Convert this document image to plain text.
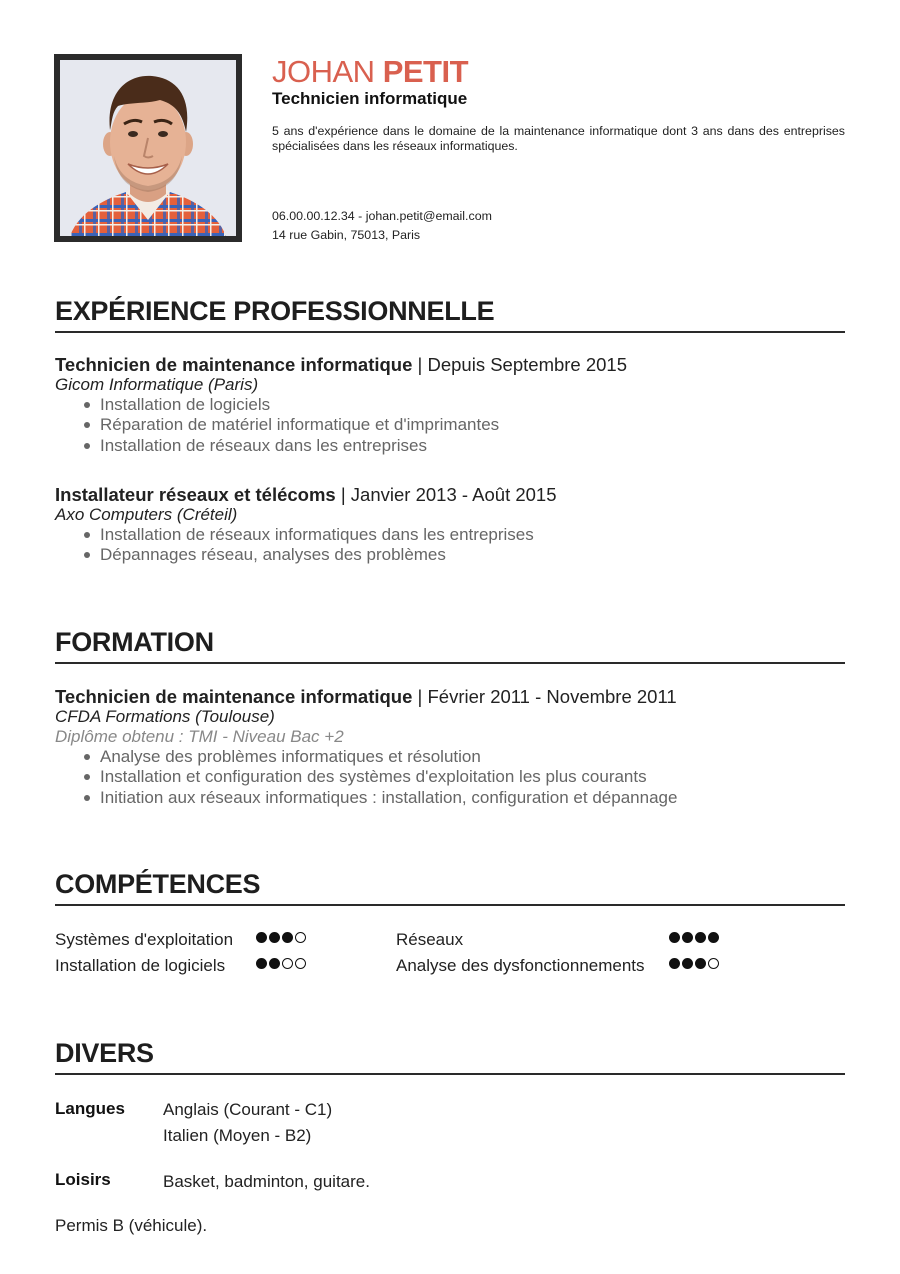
JOHAN PETIT
Technicien informatique

5 ans d'expérience dans le domaine de la maintenance informatique dont 3 ans dans des entreprises spécialisées dans les réseaux informatiques.

06.00.00.12.34 - johan.petit@email.com
14 rue Gabin, 75013, Paris
EXPÉRIENCE PROFESSIONNELLE
Technicien de maintenance informatique | Depuis Septembre 2015
Gicom Informatique (Paris)
Installation de logiciels
Réparation de matériel informatique et d'imprimantes
Installation de réseaux dans les entreprises
Installateur réseaux et télécoms | Janvier 2013 - Août 2015
Axo Computers (Créteil)
Installation de réseaux informatiques dans les entreprises
Dépannages réseau, analyses des problèmes
FORMATION
Technicien de maintenance informatique | Février 2011 - Novembre 2011
CFDA Formations (Toulouse)
Diplôme obtenu : TMI - Niveau Bac +2
Analyse des problèmes informatiques et résolution
Installation et configuration des systèmes d'exploitation les plus courants
Initiation aux réseaux informatiques : installation, configuration et dépannage
COMPÉTENCES
Systèmes d'exploitation
Installation de logiciels
Réseaux
Analyse des dysfonctionnements
DIVERS
Langues Anglais (Courant - C1)
Italien (Moyen - B2)
Loisirs	Basket, badminton, guitare.
Permis B (véhicule).
